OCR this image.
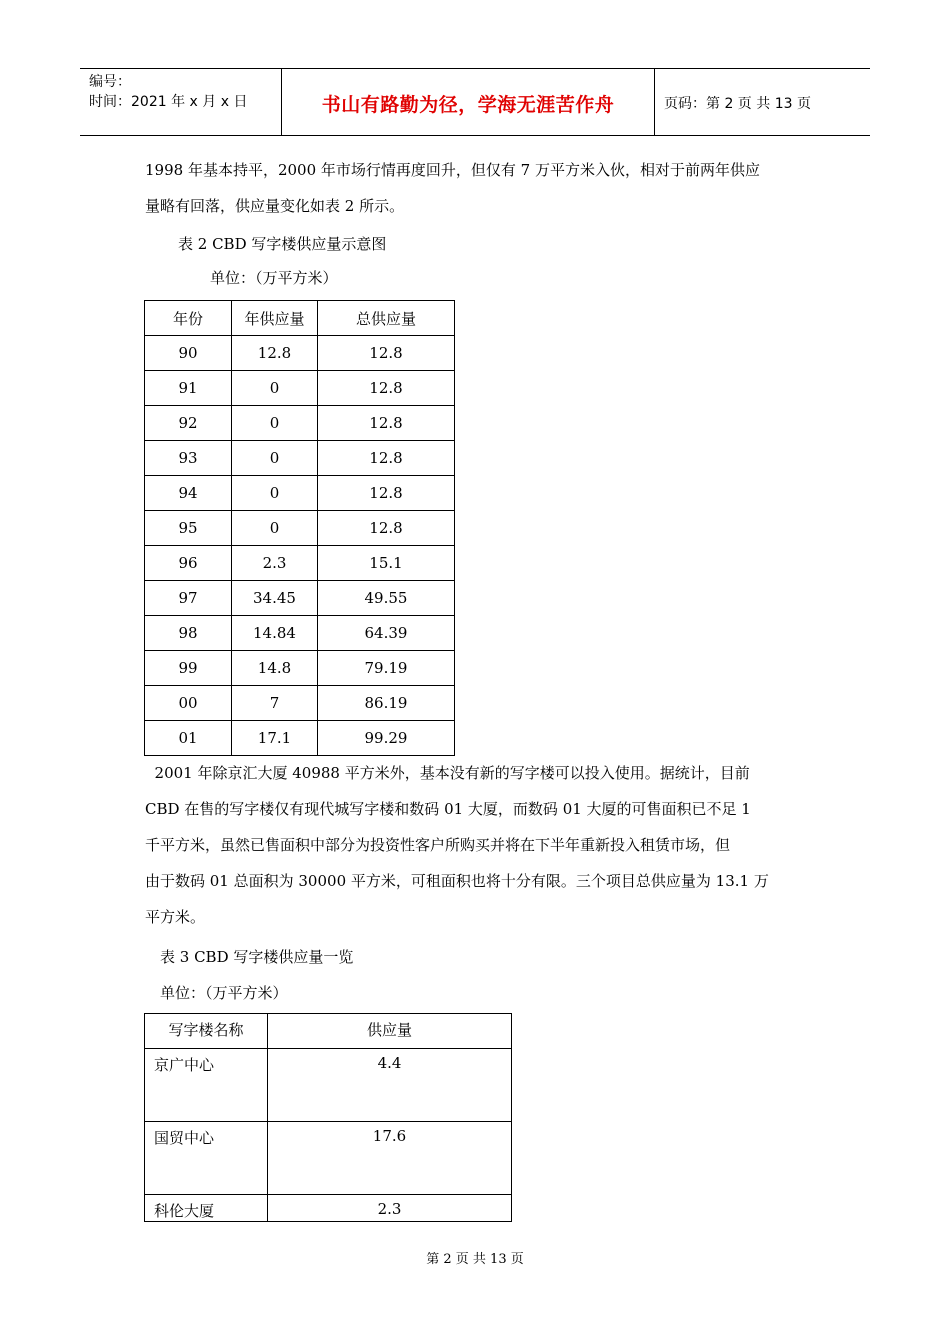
编号：
时间：2021 年 x 月 x 日	书山有路勤为径，学海无涯苦作舟	页码：第 2 页 共 13 页
1998 年基本持平，2000 年市场行情再度回升，但仅有 7 万平方米入伙，相对于前两年供应
量略有回落，供应量变化如表 2 所示。
表 2 CBD 写字楼供应量示意图
单位：（万平方米）
年份	年供应量	总供应量
90	12.8	12.8
91	0	12.8
92	0	12.8
93	0	12.8
94	0	12.8
95	0	12.8
96	2.3	15.1
97	34.45	49.55
98	14.84	64.39
99	14.8	79.19
00	7	86.19
01	17.1	99.29
2001 年除京汇大厦 40988 平方米外，基本没有新的写字楼可以投入使用。据统计，目前
CBD 在售的写字楼仅有现代城写字楼和数码 01 大厦，而数码 01 大厦的可售面积已不足 1
千平方米，虽然已售面积中部分为投资性客户所购买并将在下半年重新投入租赁市场，但
由于数码 01 总面积为 30000 平方米，可租面积也将十分有限。三个项目总供应量为 13.1 万
平方米。
表 3 CBD 写字楼供应量一览
单位：（万平方米）
写字楼名称	供应量
京广中心	4.4
国贸中心	17.6
科伦大厦	2.3
第 2 页 共 13 页
